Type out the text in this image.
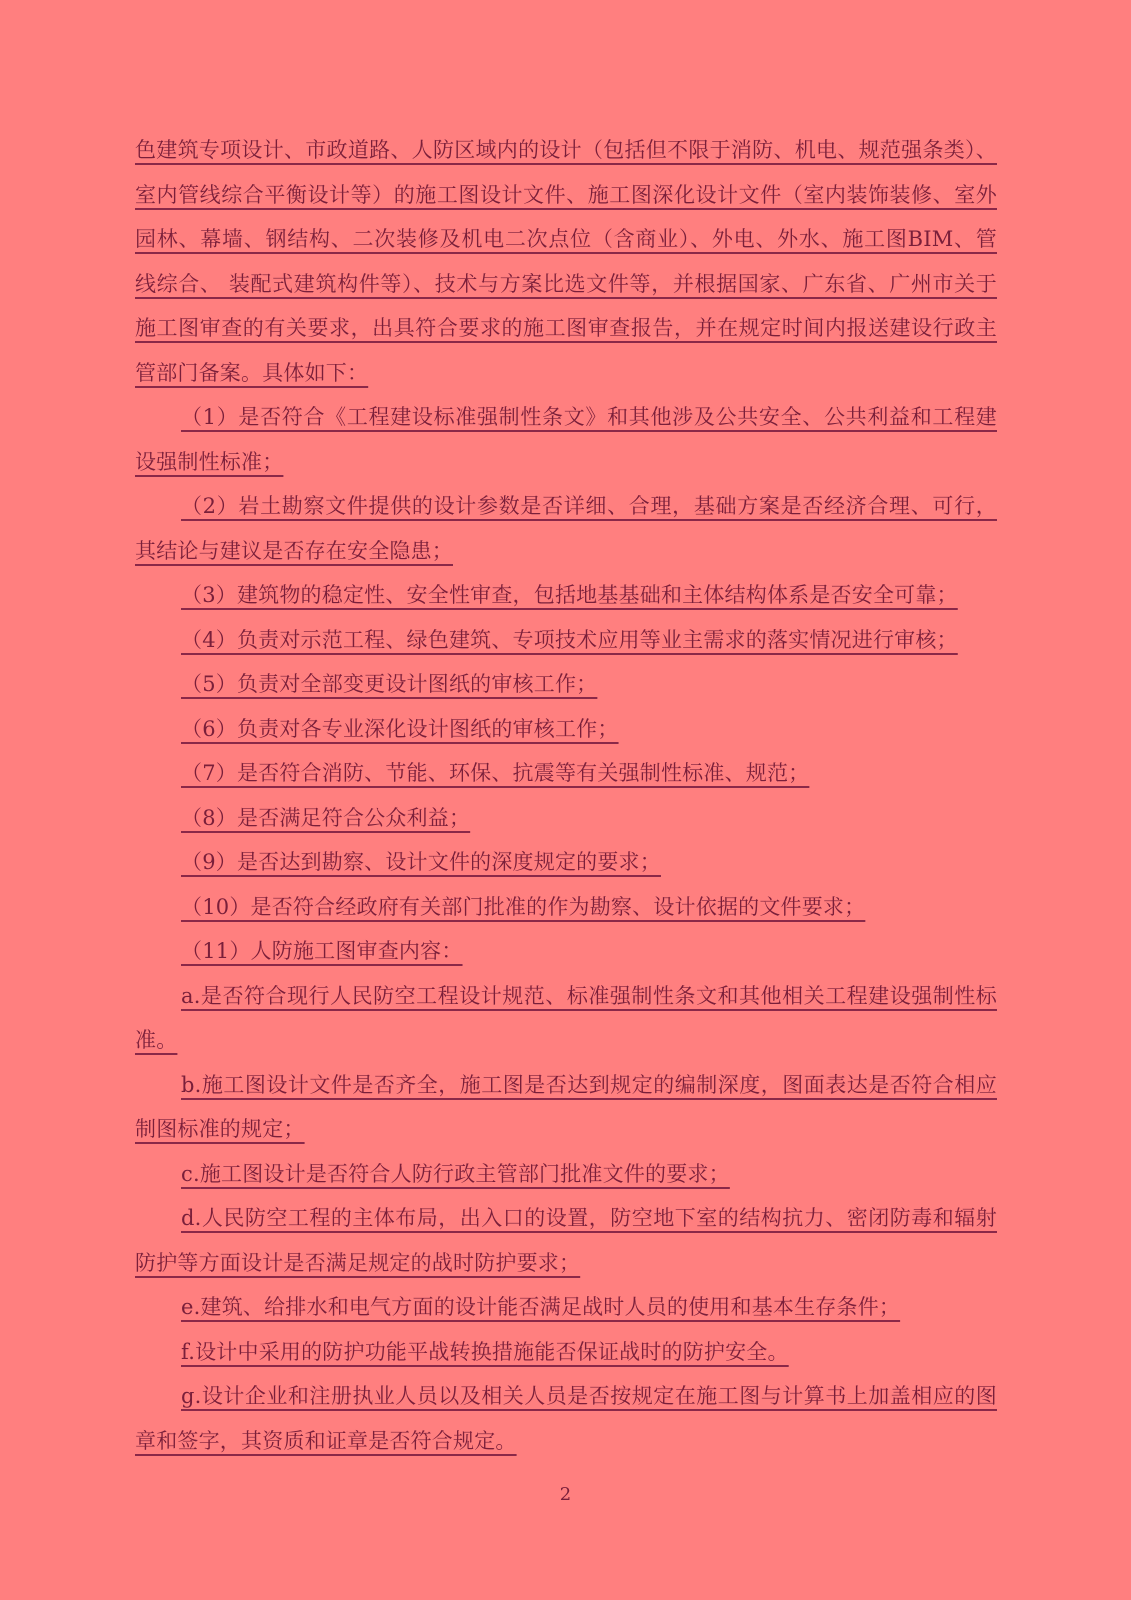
色建筑专项设计、市政道路、人防区域内的设计（包括但不限于消防、机电、规范强条类）、室内管线综合平衡设计等）的施工图设计文件、施工图深化设计文件（室内装饰装修、室外园林、幕墙、钢结构、二次装修及机电二次点位（含商业）、外电、外水、施工图BIM、管线综合、 装配式建筑构件等）、技术与方案比选文件等，并根据国家、广东省、广州市关于施工图审查的有关要求，出具符合要求的施工图审查报告，并在规定时间内报送建设行政主管部门备案。具体如下：

（1）是否符合《工程建设标准强制性条文》和其他涉及公共安全、公共利益和工程建设强制性标准；

（2）岩土勘察文件提供的设计参数是否详细、合理，基础方案是否经济合理、可行，其结论与建议是否存在安全隐患；

（3）建筑物的稳定性、安全性审查，包括地基基础和主体结构体系是否安全可靠；

（4）负责对示范工程、绿色建筑、专项技术应用等业主需求的落实情况进行审核；

（5）负责对全部变更设计图纸的审核工作；

（6）负责对各专业深化设计图纸的审核工作；

（7）是否符合消防、节能、环保、抗震等有关强制性标准、规范；

（8）是否满足符合公众利益；

（9）是否达到勘察、设计文件的深度规定的要求；

（10）是否符合经政府有关部门批准的作为勘察、设计依据的文件要求；

（11）人防施工图审查内容：

a.是否符合现行人民防空工程设计规范、标准强制性条文和其他相关工程建设强制性标准。

b.施工图设计文件是否齐全，施工图是否达到规定的编制深度，图面表达是否符合相应制图标准的规定；

c.施工图设计是否符合人防行政主管部门批准文件的要求；

d.人民防空工程的主体布局，出入口的设置，防空地下室的结构抗力、密闭防毒和辐射防护等方面设计是否满足规定的战时防护要求；

e.建筑、给排水和电气方面的设计能否满足战时人员的使用和基本生存条件；

f.设计中采用的防护功能平战转换措施能否保证战时的防护安全。

g.设计企业和注册执业人员以及相关人员是否按规定在施工图与计算书上加盖相应的图章和签字，其资质和证章是否符合规定。

2
